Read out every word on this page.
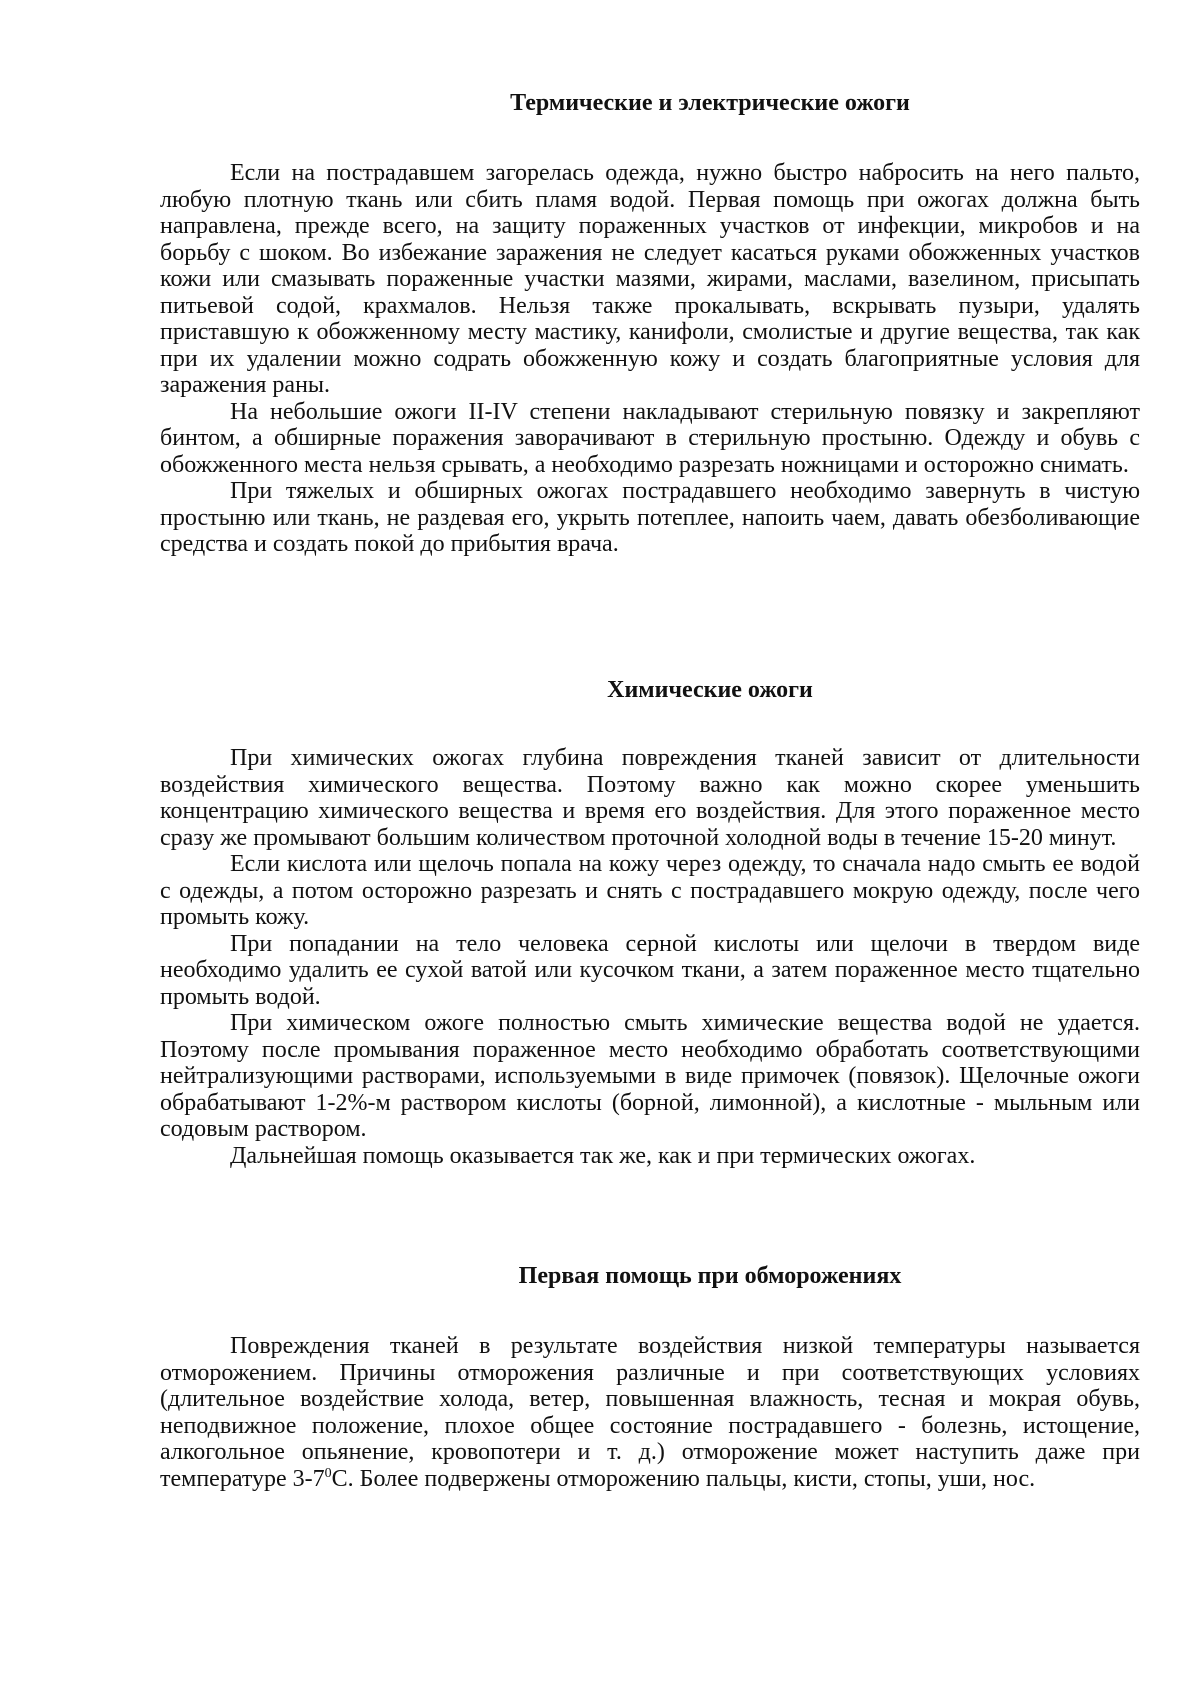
Термические и электрические ожоги

Если на пострадавшем загорелась одежда, нужно быстро набросить на него пальто, любую плотную ткань или сбить пламя водой. Первая помощь при ожогах должна быть направлена, прежде всего, на защиту пораженных участков от инфекции, микробов и на борьбу с шоком. Во избежание заражения не следует касаться руками обожженных участков кожи или смазывать пораженные участки мазями, жирами, маслами, вазелином, присыпать питьевой содой, крахмалов. Нельзя также прокалывать, вскрывать пузыри, удалять приставшую к обожженному месту мастику, канифоли, смолистые и другие вещества, так как при их удалении можно содрать обожженную кожу и создать благоприятные условия для заражения раны.

На небольшие ожоги II-IV степени накладывают стерильную повязку и закрепляют бинтом, а обширные поражения заворачивают в стерильную простыню. Одежду и обувь с обожженного места нельзя срывать, а необходимо разрезать ножницами и осторожно снимать.

При тяжелых и обширных ожогах пострадавшего необходимо завернуть в чистую простыню или ткань, не раздевая его, укрыть потеплее, напоить чаем, давать обезболивающие средства и создать покой до прибытия врача.

Химические ожоги

При химических ожогах глубина повреждения тканей зависит от длительности воздействия химического вещества. Поэтому важно как можно скорее уменьшить концентрацию химического вещества и время его воздействия. Для этого пораженное место сразу же промывают большим количеством проточной холодной воды в течение 15-20 минут.

Если кислота или щелочь попала на кожу через одежду, то сначала надо смыть ее водой с одежды, а потом осторожно разрезать и снять с пострадавшего мокрую одежду, после чего промыть кожу.

При попадании на тело человека серной кислоты или щелочи в твердом виде необходимо удалить ее сухой ватой или кусочком ткани, а затем пораженное место тщательно промыть водой.

При химическом ожоге полностью смыть химические вещества водой не удается. Поэтому после промывания пораженное место необходимо обработать соответствующими нейтрализующими растворами, используемыми в виде примочек (повязок). Щелочные ожоги обрабатывают 1-2%-м раствором кислоты (борной, лимонной), а кислотные - мыльным или содовым раствором.

Дальнейшая помощь оказывается так же, как и при термических ожогах.

Первая помощь при обморожениях

Повреждения тканей в результате воздействия низкой температуры называется отморожением. Причины отморожения различные и при соответствующих условиях (длительное воздействие холода, ветер, повышенная влажность, тесная и мокрая обувь, неподвижное положение, плохое общее состояние пострадавшего - болезнь, истощение, алкогольное опьянение, кровопотери и т. д.) отморожение может наступить даже при температуре $3-7^0С$. Более подвержены отморожению пальцы, кисти, стопы, уши, нос.
